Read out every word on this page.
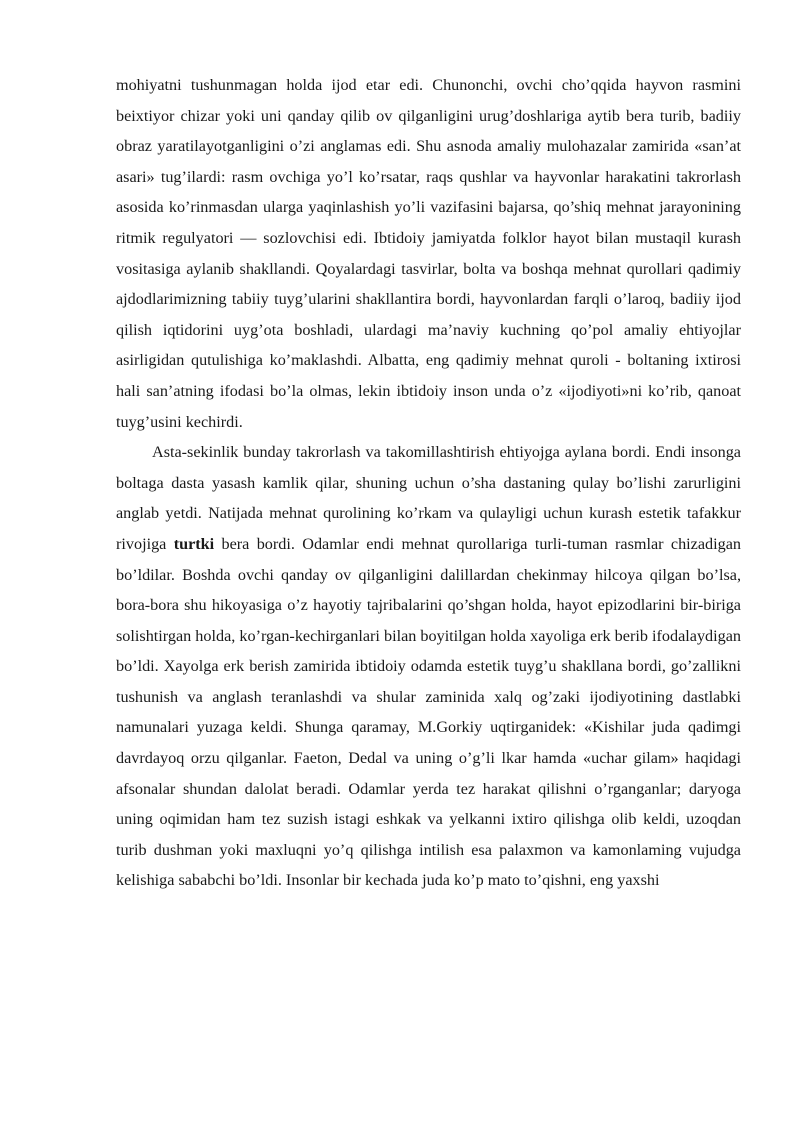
mohiyatni tushunmagan holda ijod etar edi. Chunonchi, ovchi cho’qqida hayvon rasmini beixtiyor chizar yoki uni qanday qilib ov qilganligini urug’doshlariga aytib bera turib, badiiy obraz yaratilayotganligini o’zi anglamas edi. Shu asnoda amaliy mulohazalar zamirida «san’at asari» tug’ilardi: rasm ovchiga yo’l ko’rsatar, raqs qushlar va hayvonlar harakatini takrorlash asosida ko’rinmasdan ularga yaqinlashish yo’li vazifasini bajarsa, qo’shiq mehnat jarayonining ritmik regulyatori — sozlovchisi edi. Ibtidoiy jamiyatda folklor hayot bilan mustaqil kurash vositasiga aylanib shakllandi. Qoyalardagi tasvirlar, bolta va boshqa mehnat qurollari qadimiy ajdodlarimizning tabiiy tuyg’ularini shakllantira bordi, hayvonlardan farqli o’laroq, badiiy ijod qilish iqtidorini uyg’ota boshladi, ulardagi ma’naviy kuchning qo’pol amaliy ehtiyojlar asirligidan qutulishiga ko’maklashdi. Albatta, eng qadimiy mehnat quroli - boltaning ixtirosi hali san’atning ifodasi bo’la olmas, lekin ibtidoiy inson unda o’z «ijodiyoti»ni ko’rib, qanoat tuyg’usini kechirdi.

Asta-sekinlik bunday takrorlash va takomillashtirish ehtiyojga aylana bordi. Endi insonga boltaga dasta yasash kamlik qilar, shuning uchun o’sha dastaning qulay bo’lishi zarurligini anglab yetdi. Natijada mehnat qurolining ko’rkam va qulayligi uchun kurash estetik tafakkur rivojiga turtki bera bordi. Odamlar endi mehnat qurollariga turli-tuman rasmlar chizadigan bo’ldilar. Boshda ovchi qanday ov qilganligini dalillardan chekinmay hilcoya qilgan bo’lsa, bora-bora shu hikoyasiga o’z hayotiy tajribalarini qo’shgan holda, hayot epizodlarini bir-biriga solishtirgan holda, ko’rgan-kechirganlari bilan boyitilgan holda xayoliga erk berib ifodalaydigan bo’ldi. Xayolga erk berish zamirida ibtidoiy odamda estetik tuyg’u shakllana bordi, go’zallikni tushunish va anglash teranlashdi va shular zaminida xalq og’zaki ijodiyotining dastlabki namunalari yuzaga keldi. Shunga qaramay, M.Gorkiy uqtirganidek: «Kishilar juda qadimgi davrdayoq orzu qilganlar. Faeton, Dedal va uning o’g’li lkar hamda «uchar gilam» haqidagi afsonalar shundan dalolat beradi. Odamlar yerda tez harakat qilishni o’rganganlar; daryoga uning oqimidan ham tez suzish istagi eshkak va yelkanni ixtiro qilishga olib keldi, uzoqdan turib dushman yoki maxluqni yo’q qilishga intilish esa palaxmon va kamonlaming vujudga kelishiga sababchi bo’ldi. Insonlar bir kechada juda ko’p mato to’qishni, eng yaxshi
